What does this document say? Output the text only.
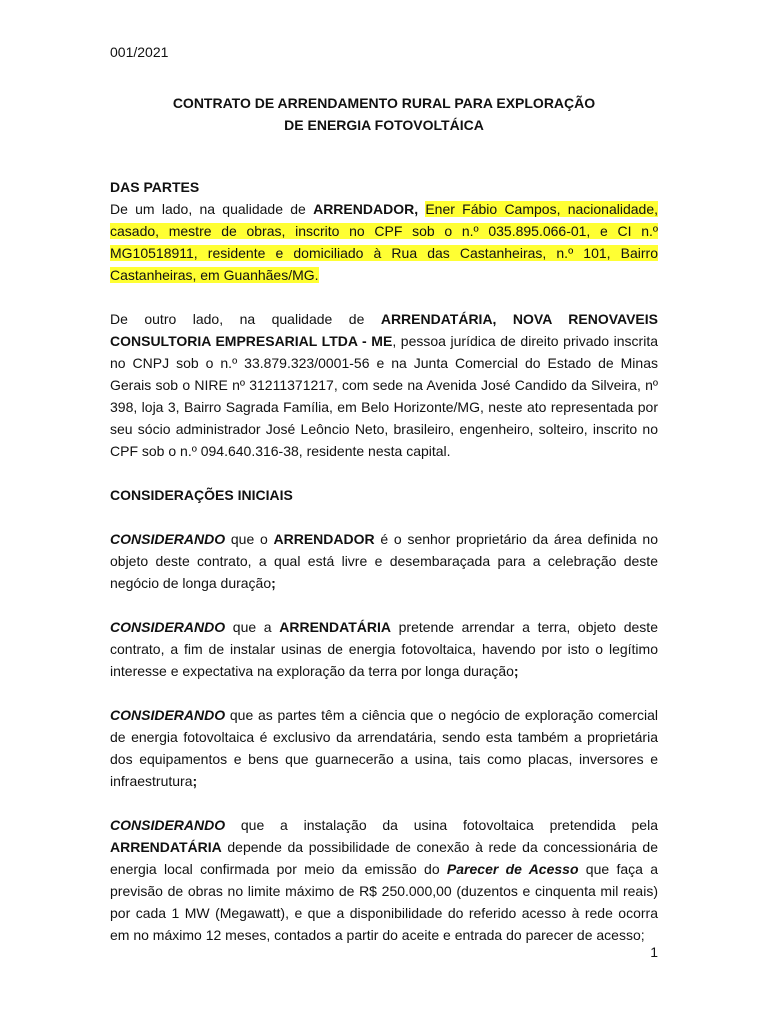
001/2021
CONTRATO DE ARRENDAMENTO RURAL PARA EXPLORAÇÃO
DE ENERGIA FOTOVOLTÁICA

DAS PARTES

De um lado, na qualidade de ARRENDADOR, Ener Fábio Campos, nacionalidade, casado, mestre de obras, inscrito no CPF sob o n.º 035.895.066-01, e CI n.º MG10518911, residente e domiciliado à Rua das Castanheiras, n.º 101, Bairro Castanheiras, em Guanhães/MG.

De outro lado, na qualidade de ARRENDATÁRIA, NOVA RENOVAVEIS CONSULTORIA EMPRESARIAL LTDA - ME, pessoa jurídica de direito privado inscrita no CNPJ sob o n.º 33.879.323/0001-56 e na Junta Comercial do Estado de Minas Gerais sob o NIRE nº 31211371217, com sede na Avenida José Candido da Silveira, nº 398, loja 3, Bairro Sagrada Família, em Belo Horizonte/MG, neste ato representada por seu sócio administrador José Leôncio Neto, brasileiro, engenheiro, solteiro, inscrito no CPF sob o n.º 094.640.316-38, residente nesta capital.

CONSIDERAÇÕES INICIAIS

CONSIDERANDO que o ARRENDADOR é o senhor proprietário da área definida no objeto deste contrato, a qual está livre e desembaraçada para a celebração deste negócio de longa duração;

CONSIDERANDO que a ARRENDATÁRIA pretende arrendar a terra, objeto deste contrato, a fim de instalar usinas de energia fotovoltaica, havendo por isto o legítimo interesse e expectativa na exploração da terra por longa duração;

CONSIDERANDO que as partes têm a ciência que o negócio de exploração comercial de energia fotovoltaica é exclusivo da arrendatária, sendo esta também a proprietária dos equipamentos e bens que guarnecerão a usina, tais como placas, inversores e infraestrutura;

CONSIDERANDO que a instalação da usina fotovoltaica pretendida pela ARRENDATÁRIA depende da possibilidade de conexão à rede da concessionária de energia local confirmada por meio da emissão do Parecer de Acesso que faça a previsão de obras no limite máximo de R$ 250.000,00 (duzentos e cinquenta mil reais) por cada 1 MW (Megawatt), e que a disponibilidade do referido acesso à rede ocorra em no máximo 12 meses, contados a partir do aceite e entrada do parecer de acesso;

1
